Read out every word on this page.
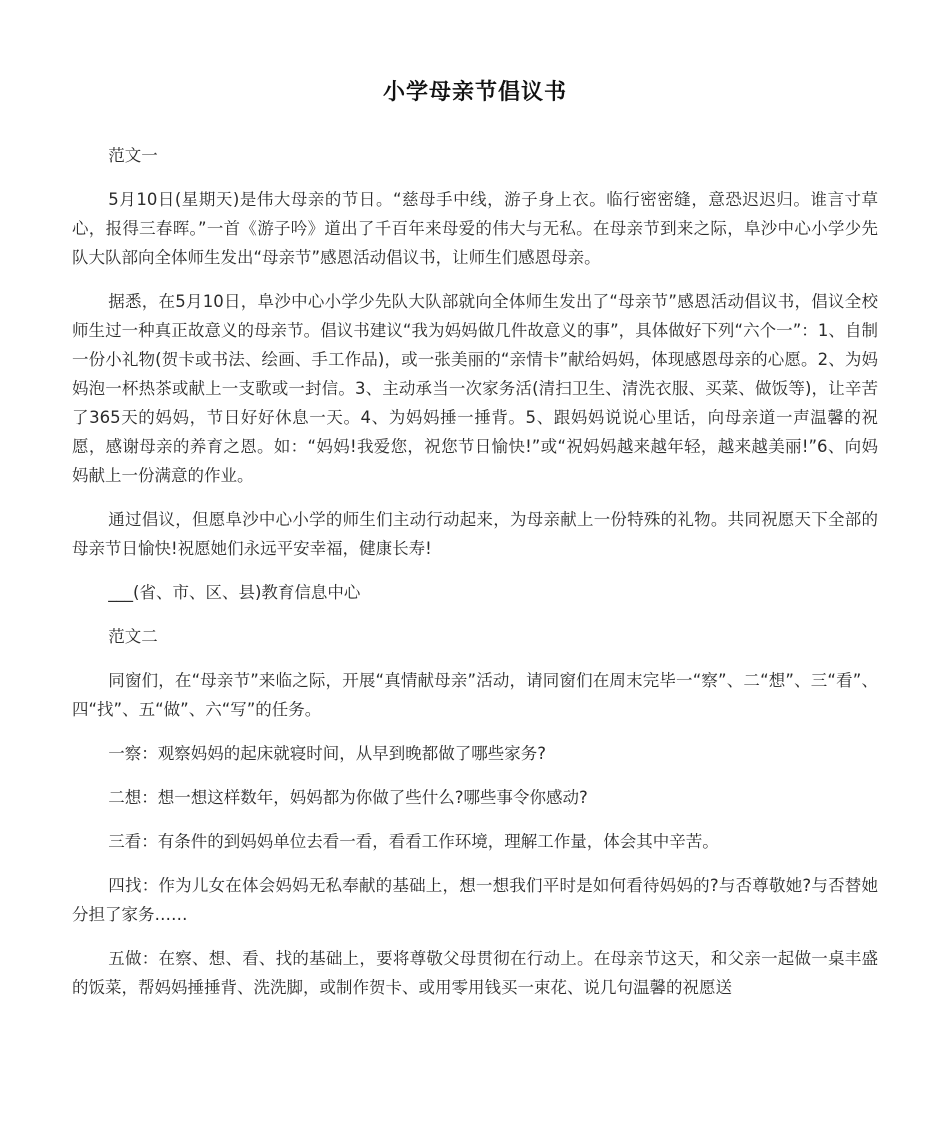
小学母亲节倡议书

范文一

5月10日(星期天)是伟大母亲的节日。“慈母手中线，游子身上衣。临行密密缝，意恐迟迟归。谁言寸草心，报得三春晖。”一首《游子吟》道出了千百年来母爱的伟大与无私。在母亲节到来之际，阜沙中心小学少先队大队部向全体师生发出“母亲节”感恩活动倡议书，让师生们感恩母亲。

据悉，在5月10日，阜沙中心小学少先队大队部就向全体师生发出了“母亲节”感恩活动倡议书，倡议全校师生过一种真正故意义的母亲节。倡议书建议“我为妈妈做几件故意义的事”，具体做好下列“六个一”：1、自制一份小礼物(贺卡或书法、绘画、手工作品)，或一张美丽的“亲情卡”献给妈妈，体现感恩母亲的心愿。2、为妈妈泡一杯热茶或献上一支歌或一封信。3、主动承当一次家务活(清扫卫生、清洗衣服、买菜、做饭等)，让辛苦了365天的妈妈，节日好好休息一天。4、为妈妈捶一捶背。5、跟妈妈说说心里话，向母亲道一声温馨的祝愿，感谢母亲的养育之恩。如：“妈妈!我爱您，祝您节日愉快!”或“祝妈妈越来越年轻，越来越美丽!”6、向妈妈献上一份满意的作业。

通过倡议，但愿阜沙中心小学的师生们主动行动起来，为母亲献上一份特殊的礼物。共同祝愿天下全部的母亲节日愉快!祝愿她们永远平安幸福，健康长寿!

___(省、市、区、县)教育信息中心

范文二

同窗们，在“母亲节”来临之际，开展“真情献母亲”活动，请同窗们在周末完毕一“察”、二“想”、三“看”、四“找”、五“做”、六“写”的任务。

一察：观察妈妈的起床就寝时间，从早到晚都做了哪些家务?

二想：想一想这样数年，妈妈都为你做了些什么?哪些事令你感动?

三看：有条件的到妈妈单位去看一看，看看工作环境，理解工作量，体会其中辛苦。

四找：作为儿女在体会妈妈无私奉献的基础上，想一想我们平时是如何看待妈妈的?与否尊敬她?与否替她分担了家务……

五做：在察、想、看、找的基础上，要将尊敬父母贯彻在行动上。在母亲节这天，和父亲一起做一桌丰盛的饭菜，帮妈妈捶捶背、洗洗脚，或制作贺卡、或用零用钱买一束花、说几句温馨的祝愿送
